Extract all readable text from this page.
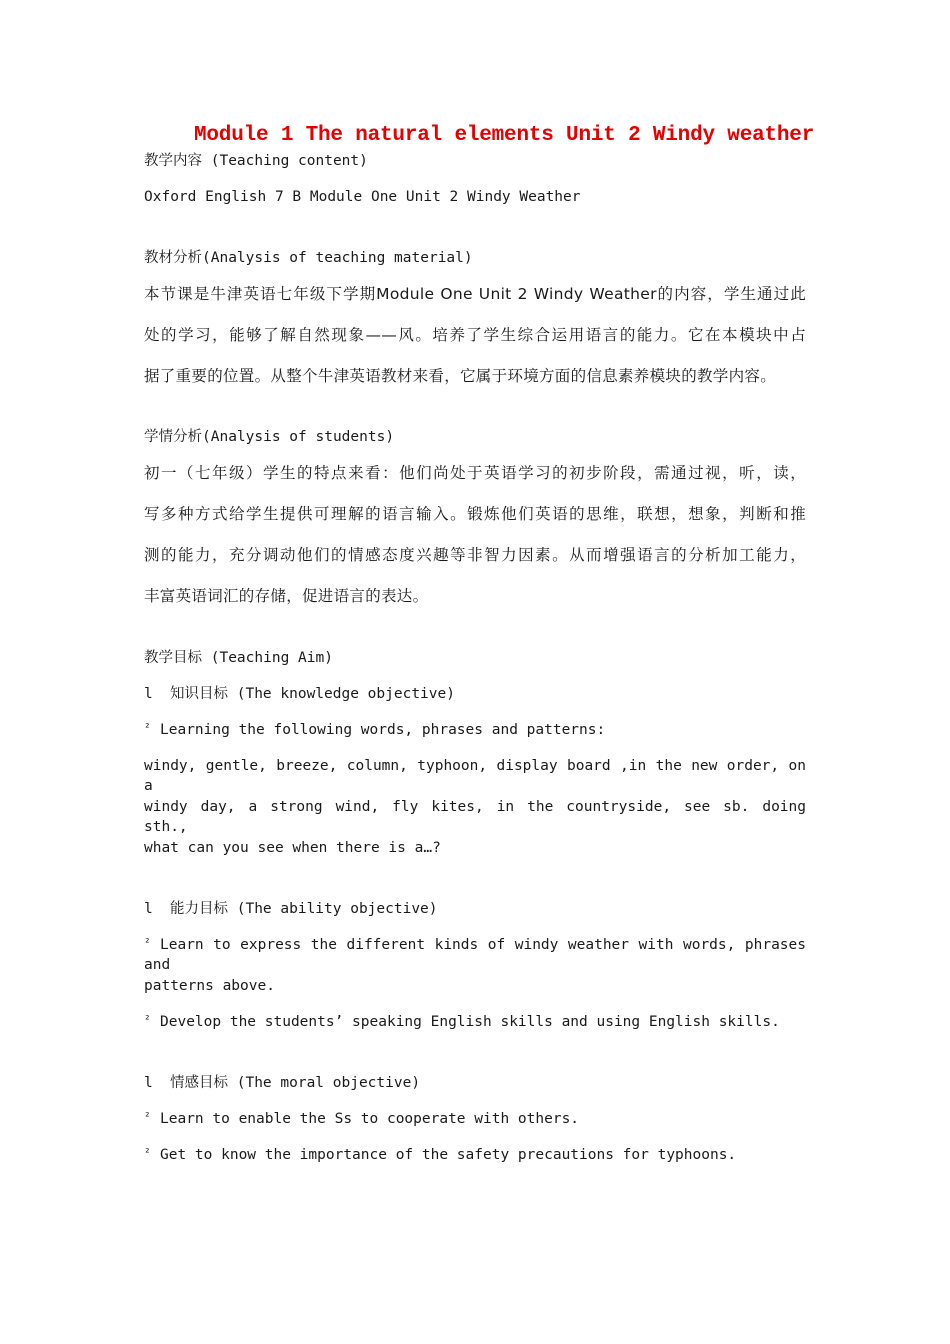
Module 1 The natural elements Unit 2 Windy weather
教学内容 (Teaching content)
Oxford English 7 B Module One Unit 2 Windy Weather
教材分析(Analysis of teaching material)
本节课是牛津英语七年级下学期Module One Unit 2 Windy Weather的内容，学生通过此
处的学习，能够了解自然现象——风。培养了学生综合运用语言的能力。它在本模块中占
据了重要的位置。从整个牛津英语教材来看，它属于环境方面的信息素养模块的教学内容。
学情分析(Analysis of students)
初一（七年级）学生的特点来看：他们尚处于英语学习的初步阶段，需通过视，听，读，
写多种方式给学生提供可理解的语言输入。锻炼他们英语的思维，联想，想象，判断和推
测的能力，充分调动他们的情感态度兴趣等非智力因素。从而增强语言的分析加工能力，
丰富英语词汇的存储，促进语言的表达。
教学目标 (Teaching Aim)
l 知识目标 (The knowledge objective)
² Learning the following words, phrases and patterns:
windy, gentle, breeze, column, typhoon, display board ,in the new order, on a
windy day, a strong wind, fly kites, in the countryside, see sb. doing sth.,
what can you see when there is a…?
l 能力目标 (The ability objective)
² Learn to express the different kinds of windy weather with words, phrases and
patterns above.
² Develop the students’ speaking English skills and using English skills.
l 情感目标 (The moral objective)
² Learn to enable the Ss to cooperate with others.
² Get to know the importance of the safety precautions for typhoons.
